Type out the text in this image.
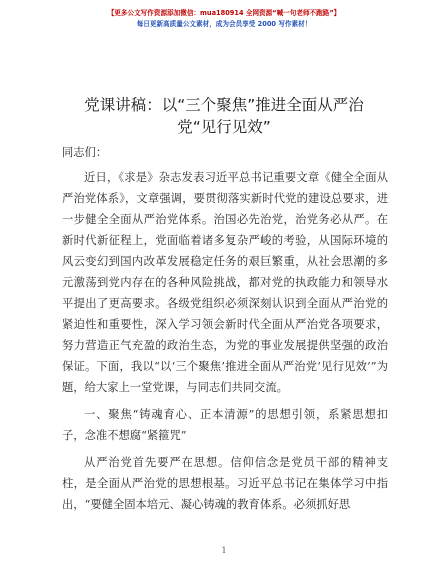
【更多公文写作资源添加微信：mua180914 全网资源“喊一句老师不跑路”】
每日更新高质量公文素材，成为会员享受 2000 写作素材！
党课讲稿：以“三个聚焦”推进全面从严治
党“见行见效”

同志们：

近日，《求是》杂志发表习近平总书记重要文章《健全全面从严治党体系》，文章强调，要贯彻落实新时代党的建设总要求，进一步健全全面从严治党体系。治国必先治党，治党务必从严。在新时代新征程上，党面临着诸多复杂严峻的考验，从国际环境的风云变幻到国内改革发展稳定任务的艰巨繁重，从社会思潮的多元激荡到党内存在的各种风险挑战，都对党的执政能力和领导水平提出了更高要求。各级党组织必须深刻认识到全面从严治党的紧迫性和重要性，深入学习领会新时代全面从严治党各项要求，努力营造正气充盈的政治生态，为党的事业发展提供坚强的政治保证。下面，我以“以‘三个聚焦’推进全面从严治党‘见行见效’”为题，给大家上一堂党课，与同志们共同交流。

一、聚焦“铸魂育心、正本清源”的思想引领，系紧思想扣子，念准不想腐“紧箍咒”

从严治党首先要严在思想。信仰信念是党员干部的精神支柱，是全面从严治党的思想根基。习近平总书记在集体学习中指出，“要健全固本培元、凝心铸魂的教育体系。必须抓好思

1
